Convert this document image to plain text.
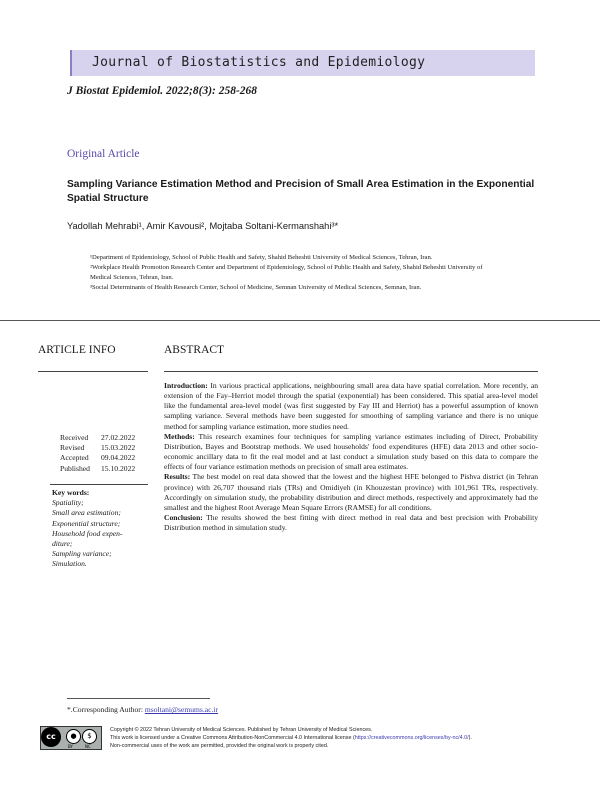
Journal of Biostatistics and Epidemiology
J Biostat Epidemiol. 2022;8(3): 258-268
Original Article
Sampling Variance Estimation Method and Precision of Small Area Estimation in the Exponential Spatial Structure
Yadollah Mehrabi¹, Amir Kavousi², Mojtaba Soltani-Kermanshahi³*
¹Department of Epidemiology, School of Public Health and Safety, Shahid Beheshti University of Medical Sciences, Tehran, Iran.
²Workplace Health Promotion Research Center and Department of Epidemiology, School of Public Health and Safety, Shahid Beheshti University of
Medical Sciences, Tehran, Iran.
³Social Determinants of Health Research Center, School of Medicine, Semnan University of Medical Sciences, Semnan, Iran.
ARTICLE INFO	ABSTRACT
Received 27.02.2022
Revised 15.03.2022
Accepted 09.04.2022
Published 15.10.2022
Key words:
Spatiality;
Small area estimation;
Exponential structure;
Household food expen-
diture;
Sampling variance;
Simulation.

Introduction: In various practical applications, neighbouring small area data have spatial correlation. More recently, an extension of the Fay–Herriot model through the spatial (exponential) has been considered. This spatial area-level model like the fundamental area-level model (was first suggested by Fay III and Herriot) has a powerful assumption of known sampling variance. Several methods have been suggested for smoothing of sampling variance and there is no unique method for sampling variance estimation, more studies need.

Methods: This research examines four techniques for sampling variance estimates including of Direct, Probability Distribution, Bayes and Bootstrap methods. We used households' food expenditures (HFE) data 2013 and other socio-economic ancillary data to fit the real model and at last conduct a simulation study based on this data to compare the effects of four variance estimation methods on precision of small area estimates.

Results: The best model on real data showed that the lowest and the highest HFE belonged to Pishva district (in Tehran province) with 26,707 thousand rials (TRs) and Omidiyeh (in Khouzestan province) with 101,961 TRs, respectively. Accordingly on simulation study, the probability distribution and direct methods, respectively and approximately had the smallest and the highest Root Average Mean Square Errors (RAMSE) for all conditions.

Conclusion: The results showed the best fitting with direct method in real data and best precision with Probability Distribution method in simulation study.

*.Corresponding Author: msoltani@semums.ac.ir
cc	●	$
BY	NC
Copyright © 2022 Tehran University of Medical Sciences. Published by Tehran University of Medical Sciences.
This work is licensed under a Creative Commons Attribution-NonCommercial 4.0 International license (https://creativecommons.org/licenses/by-nc/4.0/).
Non-commercial uses of the work are permitted, provided the original work is properly cited.
